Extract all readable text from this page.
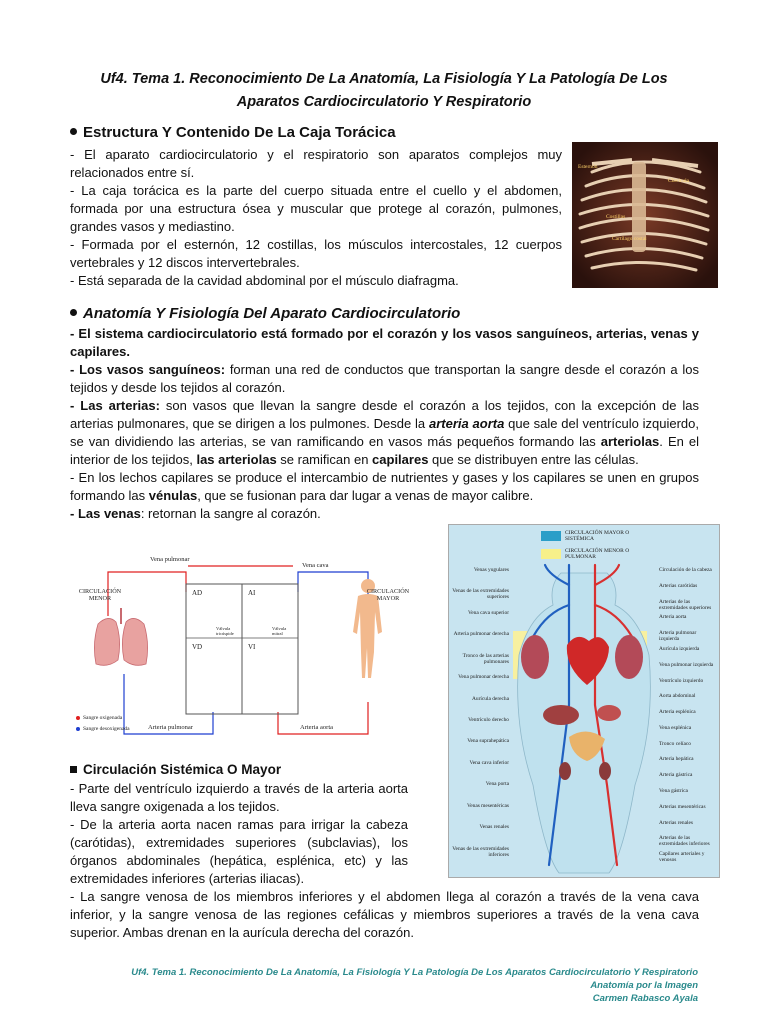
Uf4. Tema 1. Reconocimiento De La Anatomía, La Fisiología Y La Patología De Los
Aparatos Cardiocirculatorio Y Respiratorio
Estructura Y Contenido De La Caja Torácica

- El aparato cardiocirculatorio y el respiratorio son aparatos complejos muy relacionados entre sí.

- La caja torácica es la parte del cuerpo situada entre el cuello y el abdomen, formada por una estructura ósea y muscular que protege al corazón, pulmones, grandes vasos y mediastino.

- Formada por el esternón, 12 costillas, los músculos intercostales, 12 cuerpos vertebrales y 12 discos intervertebrales.

- Está separada de la cavidad abdominal por el músculo diafragma.

Esternón
Clavícula
Costillas
Cartílago costal
Anatomía Y Fisiología Del Aparato Cardiocirculatorio

- El sistema cardiocirculatorio está formado por el corazón y los vasos sanguíneos, arterias, venas y capilares.

- Los vasos sanguíneos: forman una red de conductos que transportan la sangre desde el corazón a los tejidos y desde los tejidos al corazón.

- Las arterias: son vasos que llevan la sangre desde el corazón a los tejidos, con la excepción de las arterias pulmonares, que se dirigen a los pulmones. Desde la arteria aorta que sale del ventrículo izquierdo, se van dividiendo las arterias, se van ramificando en vasos más pequeños formando las arteriolas. En el interior de los tejidos, las arteriolas se ramifican en capilares que se distribuyen entre las células.

- En los lechos capilares se produce el intercambio de nutrientes y gases y los capilares se unen en grupos formando las vénulas, que se fusionan para dar lugar a venas de mayor calibre.

- Las venas: retornan la sangre al corazón.

Vena pulmonar
Vena cava
CIRCULACIÓN
MENOR
CIRCULACIÓN
MAYOR
AD	AI
VD	VI
Válvula
tricúspide
Válvula
mitral
Arteria pulmonar	Arteria aorta
Sangre oxigenada
Sangre desoxigenada
CIRCULACIÓN MAYOR O SISTÉMICA
CIRCULACIÓN MENOR O PULMONAR
Venas yugulares
Venas de las extremidades superiores
Vena cava superior
Arteria pulmonar derecha
Tronco de las arterias pulmonares
Vena pulmonar derecha
Aurícula derecha
Ventrículo derecho
Vena suprahepática
Vena cava inferior
Vena porta
Venas mesentéricas
Venas renales
Venas de las extremidades inferiores
Circulación de la cabeza
Arterias carótidas
Arterias de las extremidades superiores
Arteria aorta
Arteria pulmonar izquierda
Aurícula izquierda
Vena pulmonar izquierda
Ventrículo izquierdo
Aorta abdominal
Arteria esplénica
Vena esplénica
Tronco celíaco
Arteria hepática
Arteria gástrica
Vena gástrica
Arterias mesentéricas
Arterias renales
Arterias de las extremidades inferiores
Capilares arteriales y venosos
Circulación Sistémica O Mayor

- Parte del ventrículo izquierdo a través de la arteria aorta lleva sangre oxigenada a los tejidos.

- De la arteria aorta nacen ramas para irrigar la cabeza (carótidas), extremidades superiores (subclavias), los órganos abdominales (hepática, esplénica, etc) y las extremidades inferiores (arterias iliacas).

- La sangre venosa de los miembros inferiores y el abdomen llega al corazón a través de la vena cava inferior, y la sangre venosa de las regiones cefálicas y miembros superiores a través de la vena cava superior. Ambas drenan en la aurícula derecha del corazón.

Uf4. Tema 1. Reconocimiento De La Anatomía, La Fisiología Y La Patología De Los Aparatos Cardiocirculatorio Y Respiratorio
Anatomía por la Imagen
Carmen Rabasco Ayala
